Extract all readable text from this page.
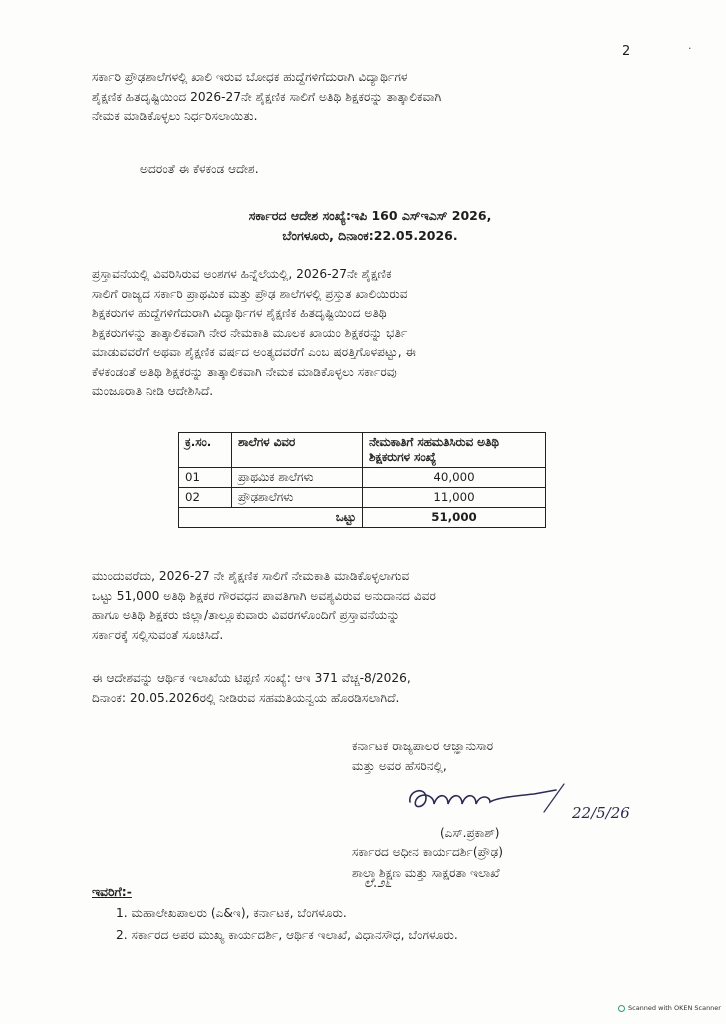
2	·
ಸರ್ಕಾರಿ ಪ್ರೌಢಶಾಲೆಗಳಲ್ಲಿ ಖಾಲಿ ಇರುವ ಬೋಧಕ ಹುದ್ದೆಗಳಿಗೆದುರಾಗಿ ವಿದ್ಯಾರ್ಥಿಗಳ
ಶೈಕ್ಷಣಿಕ ಹಿತದೃಷ್ಟಿಯಿಂದ 2026-27ನೇ ಶೈಕ್ಷಣಿಕ ಸಾಲಿಗೆ ಅತಿಥಿ ಶಿಕ್ಷಕರನ್ನು ತಾತ್ಕಾಲಿಕವಾಗಿ
ನೇಮಕ ಮಾಡಿಕೊಳ್ಳಲು ನಿರ್ಧರಿಸಲಾಯಿತು.
ಅದರಂತೆ ಈ ಕೆಳಕಂಡ ಆದೇಶ.
ಸರ್ಕಾರದ ಆದೇಶ ಸಂಖ್ಯೆ:ಇಪಿ 160 ಎಸ್‌ಇಎಸ್ 2026,
ಬೆಂಗಳೂರು, ದಿನಾಂಕ:22.05.2026.
ಪ್ರಸ್ತಾವನೆಯಲ್ಲಿ ವಿವರಿಸಿರುವ ಅಂಶಗಳ ಹಿನ್ನೆಲೆಯಲ್ಲಿ, 2026-27ನೇ ಶೈಕ್ಷಣಿಕ
ಸಾಲಿಗೆ ರಾಜ್ಯದ ಸರ್ಕಾರಿ ಪ್ರಾಥಮಿಕ ಮತ್ತು ಪ್ರೌಢ ಶಾಲೆಗಳಲ್ಲಿ ಪ್ರಸ್ತುತ ಖಾಲಿಯಿರುವ
ಶಿಕ್ಷಕರುಗಳ ಹುದ್ದೆಗಳಿಗೆದುರಾಗಿ ವಿದ್ಯಾರ್ಥಿಗಳ ಶೈಕ್ಷಣಿಕ ಹಿತದೃಷ್ಟಿಯಿಂದ ಅತಿಥಿ
ಶಿಕ್ಷಕರುಗಳನ್ನು ತಾತ್ಕಾಲಿಕವಾಗಿ ನೇರ ನೇಮಕಾತಿ ಮೂಲಕ ಖಾಯಂ ಶಿಕ್ಷಕರನ್ನು ಭರ್ತಿ
ಮಾಡುವವರೆಗೆ ಅಥವಾ ಶೈಕ್ಷಣಿಕ ವರ್ಷದ ಅಂತ್ಯದವರೆಗೆ ಎಂಬ ಷರತ್ತಿಗೊಳಪಟ್ಟು, ಈ
ಕೆಳಕಂಡಂತೆ ಅತಿಥಿ ಶಿಕ್ಷಕರನ್ನು ತಾತ್ಕಾಲಿಕವಾಗಿ ನೇಮಕ ಮಾಡಿಕೊಳ್ಳಲು ಸರ್ಕಾರವು
ಮಂಜೂರಾತಿ ನೀಡಿ ಆದೇಶಿಸಿದೆ.
ಕ್ರ.ಸಂ.	ಶಾಲೆಗಳ ವಿವರ	ನೇಮಕಾತಿಗೆ ಸಹಮತಿಸಿರುವ ಅತಿಥಿ ಶಿಕ್ಷಕರುಗಳ ಸಂಖ್ಯೆ
01	ಪ್ರಾಥಮಿಕ ಶಾಲೆಗಳು	40,000
02	ಪ್ರೌಢಶಾಲೆಗಳು	11,000
ಒಟ್ಟು		51,000
ಮುಂದುವರೆದು, 2026-27 ನೇ ಶೈಕ್ಷಣಿಕ ಸಾಲಿಗೆ ನೇಮಕಾತಿ ಮಾಡಿಕೊಳ್ಳಲಾಗುವ
ಒಟ್ಟು 51,000 ಅತಿಥಿ ಶಿಕ್ಷಕರ ಗೌರವಧನ ಪಾವತಿಗಾಗಿ ಅವಶ್ಯವಿರುವ ಅನುದಾನದ ವಿವರ
ಹಾಗೂ ಅತಿಥಿ ಶಿಕ್ಷಕರು ಜಿಲ್ಲಾ/ತಾಲ್ಲೂಕುವಾರು ವಿವರಗಳೊಂದಿಗೆ ಪ್ರಸ್ತಾವನೆಯನ್ನು
ಸರ್ಕಾರಕ್ಕೆ ಸಲ್ಲಿಸುವಂತೆ ಸೂಚಿಸಿದೆ.
ಈ ಆದೇಶವನ್ನು ಆರ್ಥಿಕ ಇಲಾಖೆಯ ಟಿಪ್ಪಣಿ ಸಂಖ್ಯೆ: ಆಇ 371 ವೆಚ್ಚ-8/2026,
ದಿನಾಂಕ: 20.05.2026ರಲ್ಲಿ ನೀಡಿರುವ ಸಹಮತಿಯನ್ವಯ ಹೊರಡಿಸಲಾಗಿದೆ.
ಕರ್ನಾಟಕ ರಾಜ್ಯಪಾಲರ ಆಜ್ಞಾನುಸಾರ
ಮತ್ತು ಅವರ ಹೆಸರಿನಲ್ಲಿ,
22/5/26
(ಎಸ್.ಪ್ರಕಾಶ್)
ಸರ್ಕಾರದ ಅಧೀನ ಕಾರ್ಯದರ್ಶಿ(ಪ್ರೌಢ)
ಶಾಲಾ ಶಿಕ್ಷಣ ಮತ್ತು ಸಾಕ್ಷರತಾ ಇಲಾಖೆ
ಲೆ.೨೬
ಇವರಿಗೆ:-
1. ಮಹಾಲೇಖಪಾಲರು (ಎ&ಇ), ಕರ್ನಾಟಕ, ಬೆಂಗಳೂರು.
2. ಸರ್ಕಾರದ ಅಪರ ಮುಖ್ಯ ಕಾರ್ಯದರ್ಶಿ, ಆರ್ಥಿಕ ಇಲಾಖೆ, ವಿಧಾನಸೌಧ, ಬೆಂಗಳೂರು.
Scanned with OKEN Scanner
